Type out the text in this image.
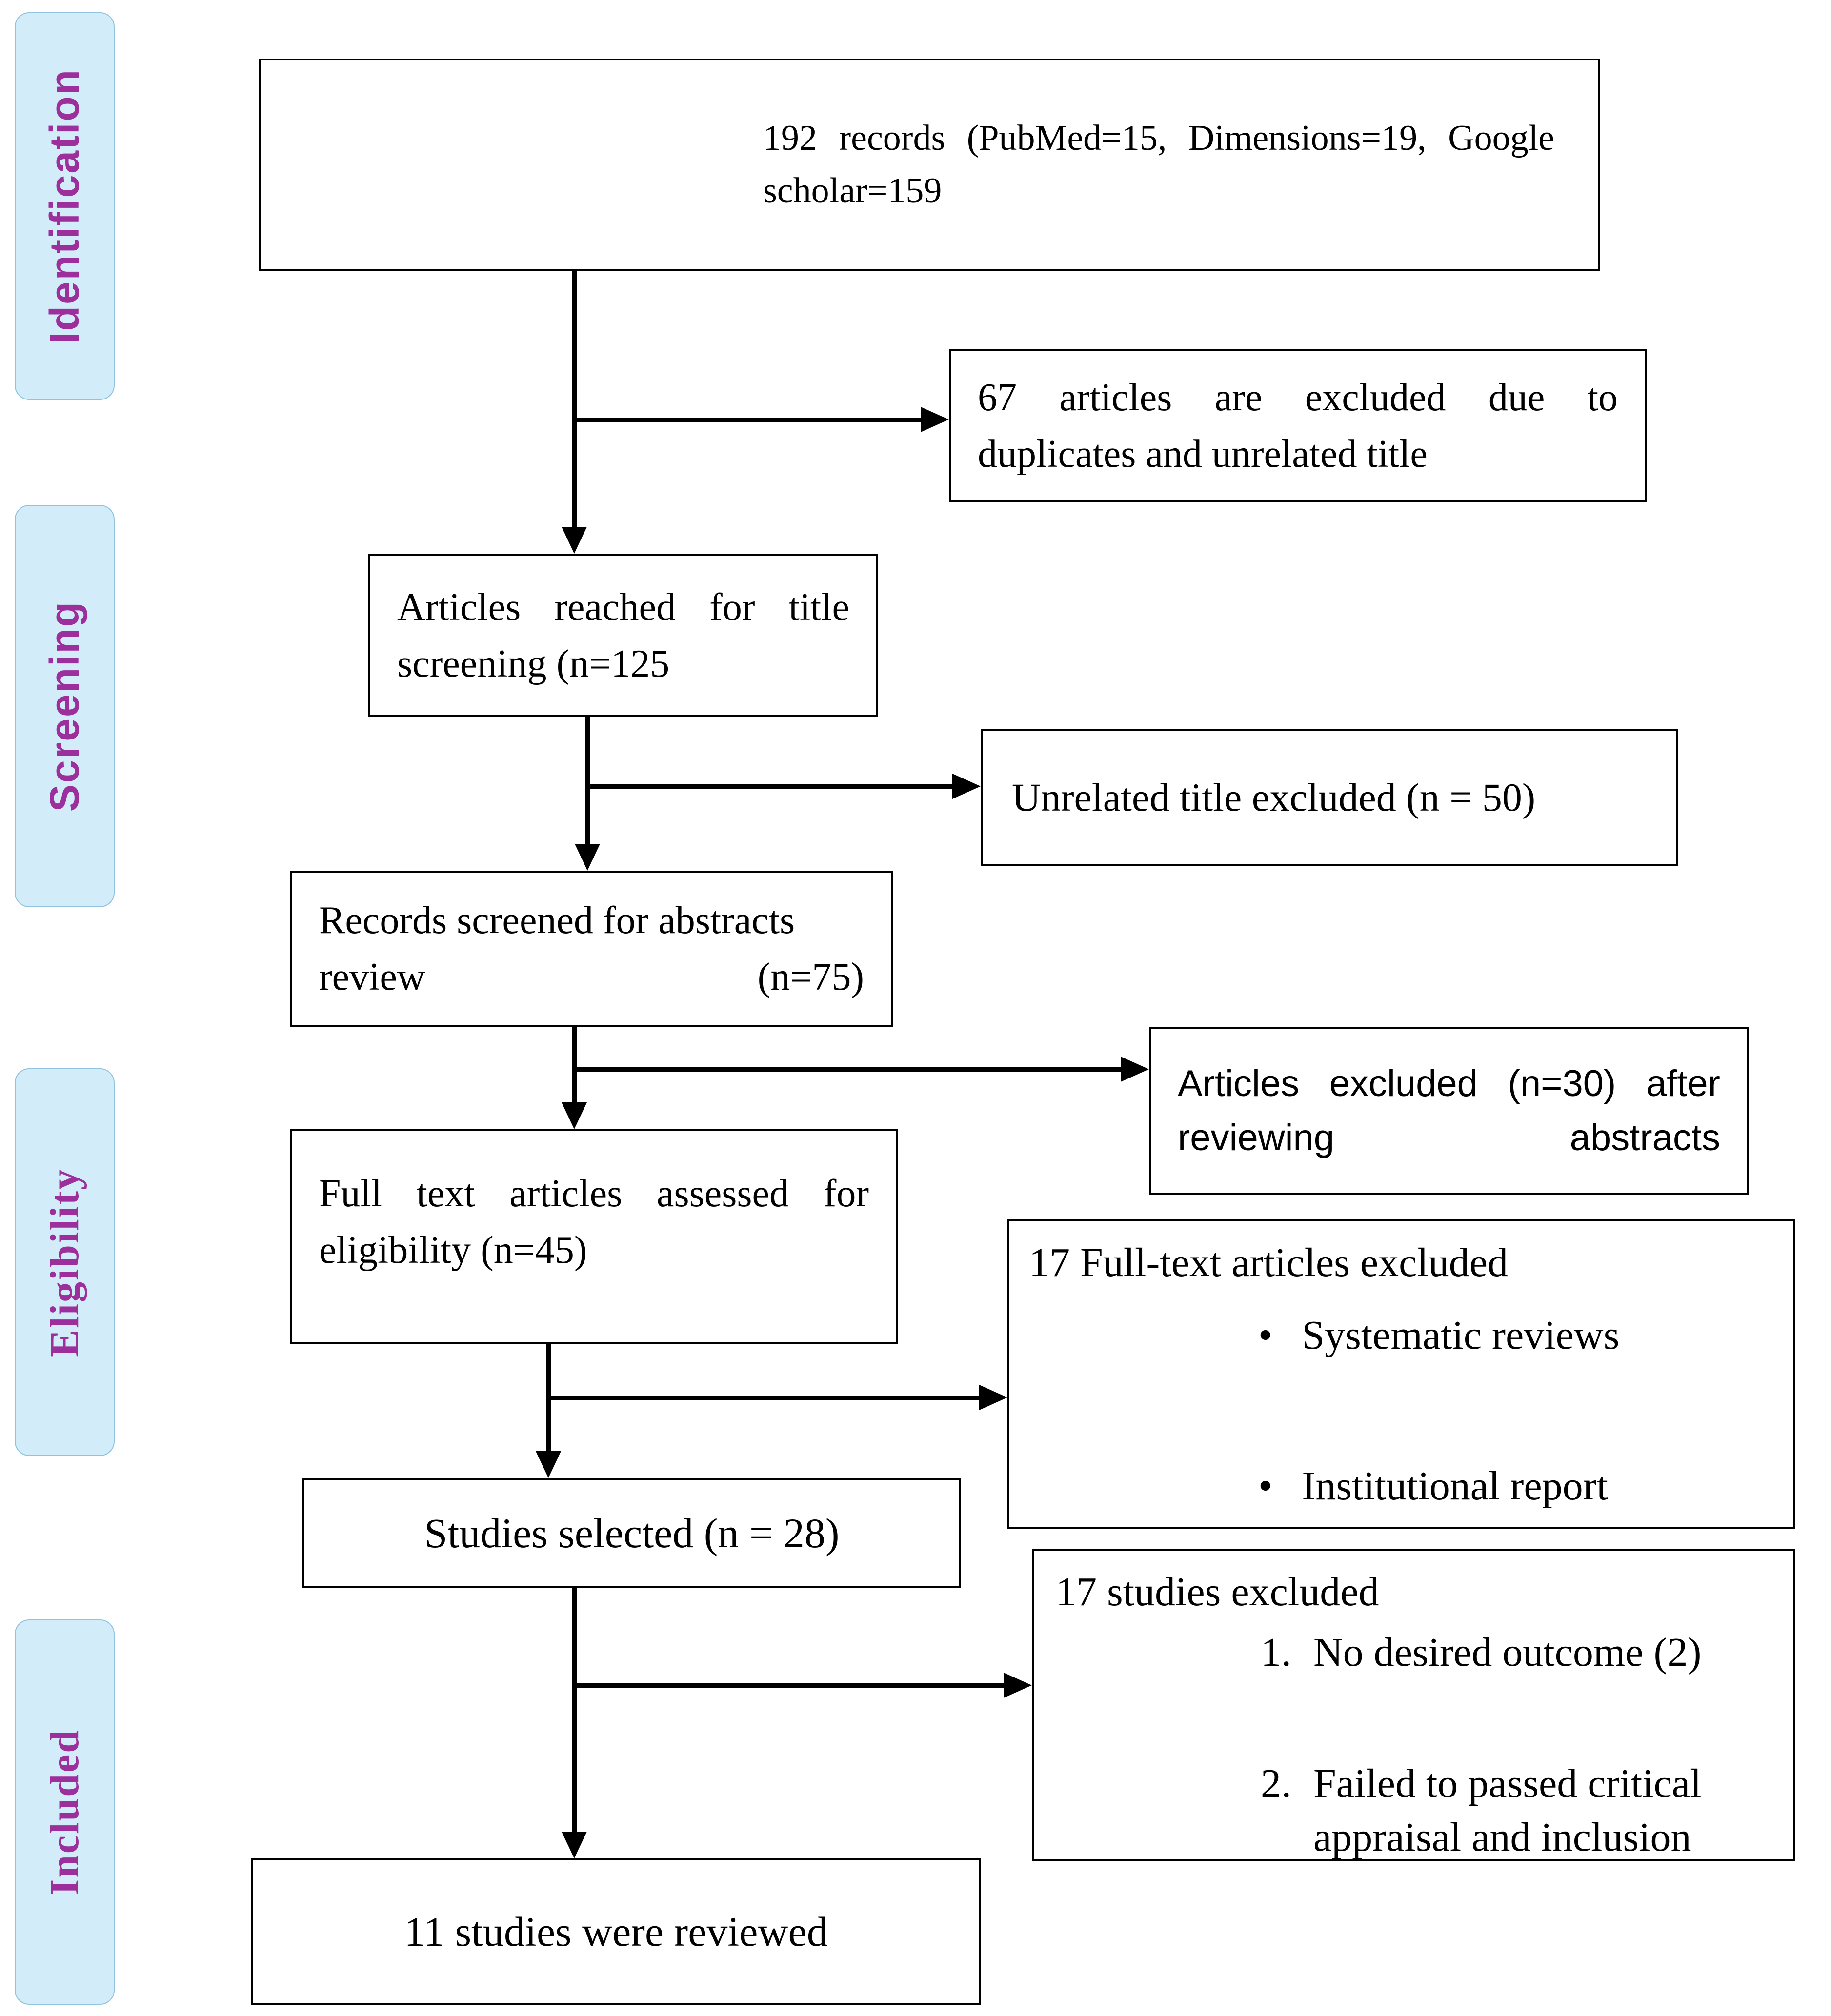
Identification
Screening
Eligibility
Included
192 records (PubMed=15, Dimensions=19, Google
scholar=159
67 articles are excluded due to
duplicates and unrelated title
Articles reached for title
screening (n=125
Unrelated title excluded (n = 50)
Records screened for abstracts
review	(n=75)
Articles excluded (n=30) after
reviewing	abstracts
Full text articles assessed for
eligibility (n=45)	17 Full-text articles excluded
• Systematic reviews
• Institutional report
Studies selected (n = 28)
17 studies excluded
1. No desired outcome (2)
2. Failed to passed critical appraisal and inclusion
11 studies were reviewed
